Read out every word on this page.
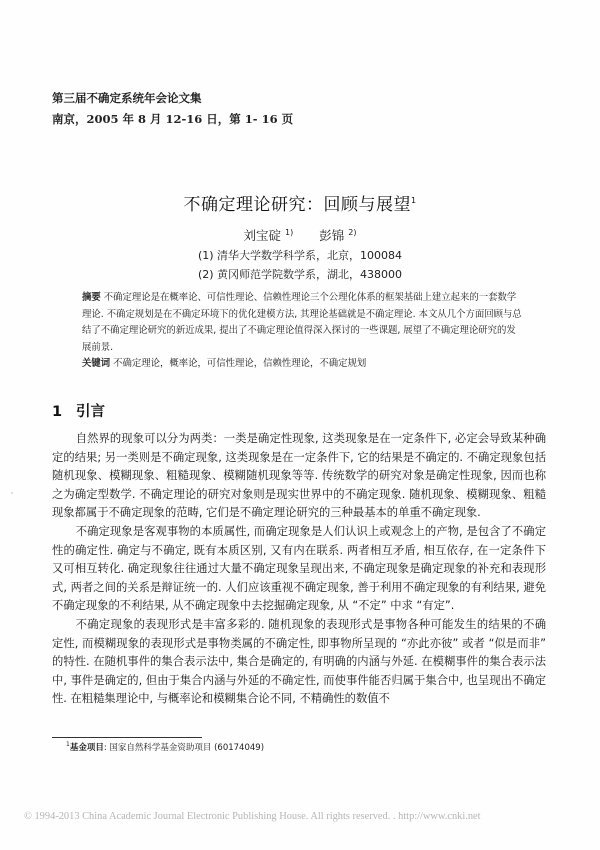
第三届不确定系统年会论文集
南京，2005 年 8 月 12-16 日，第 1- 16 页
不确定理论研究：回顾与展望$^1$
刘宝碇 $^{1)}$ 彭锦 $^{2)}$
(1) 清华大学数学科学系，北京，100084
(2) 黄冈师范学院数学系，湖北，438000

摘要 不确定理论是在概率论、可信性理论、信赖性理论三个公理化体系的框架基础上建立起来的一套数学理论. 不确定规划是在不确定环境下的优化建模方法, 其理论基础就是不确定理论. 本文从几个方面回顾与总结了不确定理论研究的新近成果, 提出了不确定理论值得深入探讨的一些课题, 展望了不确定理论研究的发展前景.

关键词 不确定理论，概率论，可信性理论，信赖性理论，不确定规划

1 引言

自然界的现象可以分为两类：一类是确定性现象, 这类现象是在一定条件下, 必定会导致某种确定的结果; 另一类则是不确定现象, 这类现象是在一定条件下, 它的结果是不确定的. 不确定现象包括随机现象、模糊现象、粗糙现象、模糊随机现象等等. 传统数学的研究对象是确定性现象, 因而也称之为确定型数学. 不确定理论的研究对象则是现实世界中的不确定现象. 随机现象、模糊现象、粗糙现象都属于不确定现象的范畴, 它们是不确定理论研究的三种最基本的单重不确定现象.

不确定现象是客观事物的本质属性, 而确定现象是人们认识上或观念上的产物, 是包含了不确定性的确定性. 确定与不确定, 既有本质区别, 又有内在联系. 两者相互矛盾, 相互依存, 在一定条件下又可相互转化. 确定现象往往通过大量不确定现象呈现出来, 不确定现象是确定现象的补充和表现形式, 两者之间的关系是辩证统一的. 人们应该重视不确定现象, 善于利用不确定现象的有利结果, 避免不确定现象的不利结果, 从不确定现象中去挖掘确定现象, 从 “不定” 中求 “有定”.

不确定现象的表现形式是丰富多彩的. 随机现象的表现形式是事物各种可能发生的结果的不确定性, 而模糊现象的表现形式是事物类属的不确定性, 即事物所呈现的 “亦此亦彼” 或者 “似是而非” 的特性. 在随机事件的集合表示法中, 集合是确定的, 有明确的内涵与外延. 在模糊事件的集合表示法中, 事件是确定的, 但由于集合内涵与外延的不确定性, 而使事件能否归属于集合中, 也呈现出不确定性. 在粗糙集理论中, 与概率论和模糊集合论不同, 不精确性的数值不

$^1$基金项目: 国家自然科学基金资助项目 (60174049)
© 1994-2013 China Academic Journal Electronic Publishing House. All rights reserved. . http://www.cnki.net
